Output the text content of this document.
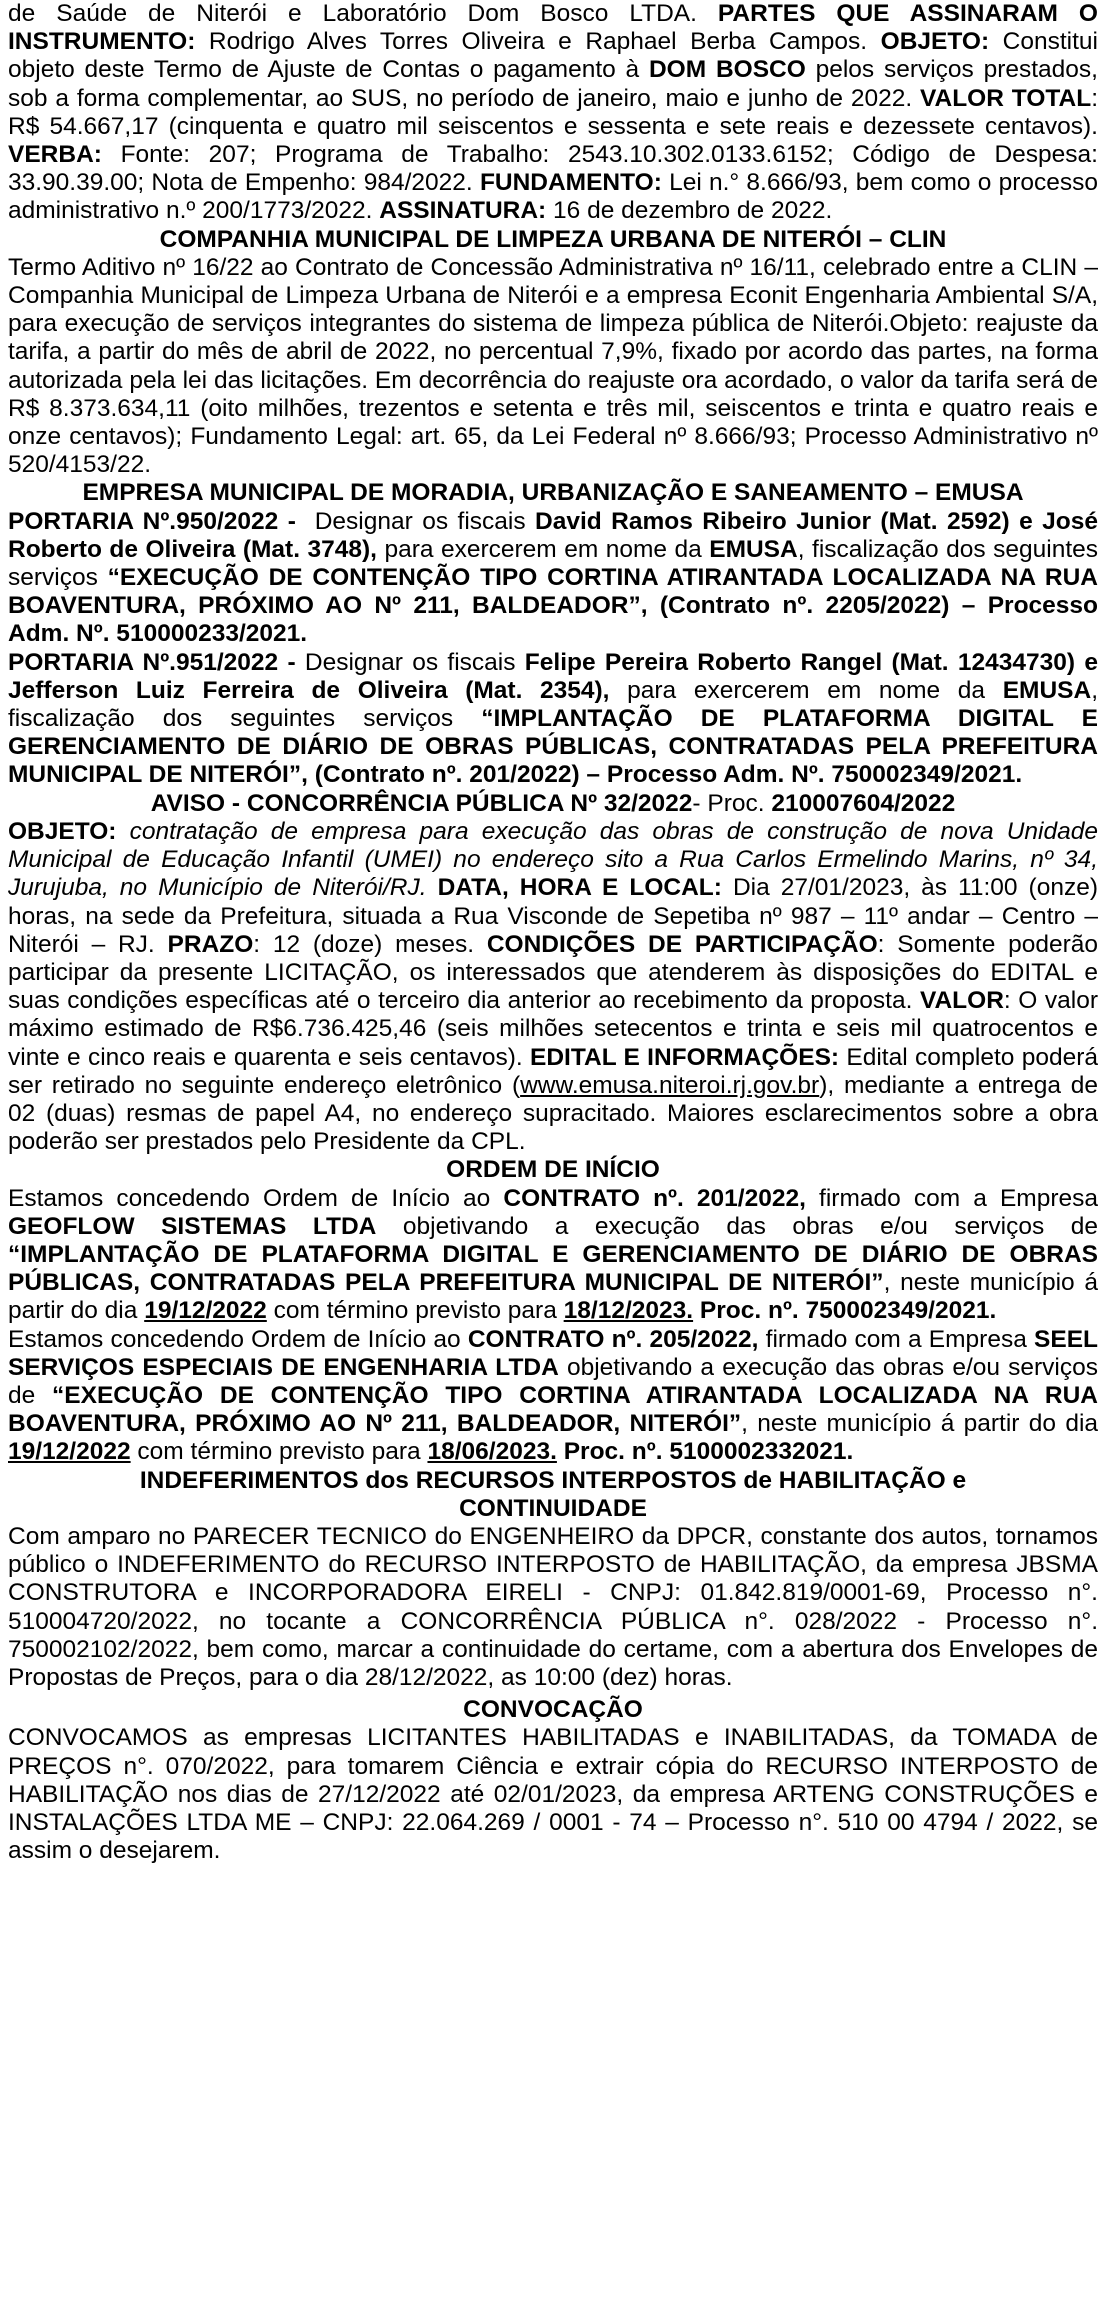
de Saúde de Niterói e Laboratório Dom Bosco LTDA. PARTES QUE ASSINARAM O INSTRUMENTO: Rodrigo Alves Torres Oliveira e Raphael Berba Campos. OBJETO: Constitui objeto deste Termo de Ajuste de Contas o pagamento à DOM BOSCO pelos serviços prestados, sob a forma complementar, ao SUS, no período de janeiro, maio e junho de 2022. VALOR TOTAL: R$ 54.667,17 (cinquenta e quatro mil seiscentos e sessenta e sete reais e dezessete centavos). VERBA: Fonte: 207; Programa de Trabalho: 2543.10.302.0133.6152; Código de Despesa: 33.90.39.00; Nota de Empenho: 984/2022. FUNDAMENTO: Lei n.° 8.666/93, bem como o processo administrativo n.º 200/1773/2022. ASSINATURA: 16 de dezembro de 2022.

COMPANHIA MUNICIPAL DE LIMPEZA URBANA DE NITERÓI – CLIN

Termo Aditivo nº 16/22 ao Contrato de Concessão Administrativa nº 16/11, celebrado entre a CLIN – Companhia Municipal de Limpeza Urbana de Niterói e a empresa Econit Engenharia Ambiental S/A, para execução de serviços integrantes do sistema de limpeza pública de Niterói.Objeto: reajuste da tarifa, a partir do mês de abril de 2022, no percentual 7,9%, fixado por acordo das partes, na forma autorizada pela lei das licitações. Em decorrência do reajuste ora acordado, o valor da tarifa será de R$ 8.373.634,11 (oito milhões, trezentos e setenta e três mil, seiscentos e trinta e quatro reais e onze centavos); Fundamento Legal: art. 65, da Lei Federal nº 8.666/93; Processo Administrativo nº 520/4153/22.

EMPRESA MUNICIPAL DE MORADIA, URBANIZAÇÃO E SANEAMENTO – EMUSA

PORTARIA Nº.950/2022 -  Designar os fiscais David Ramos Ribeiro Junior (Mat. 2592) e José Roberto de Oliveira (Mat. 3748), para exercerem em nome da EMUSA, fiscalização dos seguintes serviços “EXECUÇÃO DE CONTENÇÃO TIPO CORTINA ATIRANTADA LOCALIZADA NA RUA BOAVENTURA, PRÓXIMO AO Nº 211, BALDEADOR”, (Contrato nº. 2205/2022) – Processo Adm. Nº. 510000233/2021.

PORTARIA Nº.951/2022 - Designar os fiscais Felipe Pereira Roberto Rangel (Mat. 12434730) e Jefferson Luiz Ferreira de Oliveira (Mat. 2354), para exercerem em nome da EMUSA, fiscalização dos seguintes serviços “IMPLANTAÇÃO DE PLATAFORMA DIGITAL E GERENCIAMENTO DE DIÁRIO DE OBRAS PÚBLICAS, CONTRATADAS PELA PREFEITURA MUNICIPAL DE NITERÓI”, (Contrato nº. 201/2022) – Processo Adm. Nº. 750002349/2021.

AVISO - CONCORRÊNCIA PÚBLICA Nº 32/2022- Proc. 210007604/2022

OBJETO: contratação de empresa para execução das obras de construção de nova Unidade Municipal de Educação Infantil (UMEI) no endereço sito a Rua Carlos Ermelindo Marins, nº 34, Jurujuba, no Município de Niterói/RJ. DATA, HORA E LOCAL: Dia 27/01/2023, às 11:00 (onze) horas, na sede da Prefeitura, situada a Rua Visconde de Sepetiba nº 987 – 11º andar – Centro – Niterói – RJ. PRAZO: 12 (doze) meses. CONDIÇÕES DE PARTICIPAÇÃO: Somente poderão participar da presente LICITAÇÃO, os interessados que atenderem às disposições do EDITAL e suas condições específicas até o terceiro dia anterior ao recebimento da proposta. VALOR: O valor máximo estimado de R$6.736.425,46 (seis milhões setecentos e trinta e seis mil quatrocentos e vinte e cinco reais e quarenta e seis centavos). EDITAL E INFORMAÇÕES: Edital completo poderá ser retirado no seguinte endereço eletrônico (www.emusa.niteroi.rj.gov.br), mediante a entrega de 02 (duas) resmas de papel A4, no endereço supracitado. Maiores esclarecimentos sobre a obra poderão ser prestados pelo Presidente da CPL.

ORDEM DE INÍCIO

Estamos concedendo Ordem de Início ao CONTRATO nº. 201/2022, firmado com a Empresa GEOFLOW SISTEMAS LTDA objetivando a execução das obras e/ou serviços de “IMPLANTAÇÃO DE PLATAFORMA DIGITAL E GERENCIAMENTO DE DIÁRIO DE OBRAS PÚBLICAS, CONTRATADAS PELA PREFEITURA MUNICIPAL DE NITERÓI”, neste município á partir do dia 19/12/2022 com término previsto para 18/12/2023. Proc. nº. 750002349/2021.

Estamos concedendo Ordem de Início ao CONTRATO nº. 205/2022, firmado com a Empresa SEEL SERVIÇOS ESPECIAIS DE ENGENHARIA LTDA objetivando a execução das obras e/ou serviços de “EXECUÇÃO DE CONTENÇÃO TIPO CORTINA ATIRANTADA LOCALIZADA NA RUA BOAVENTURA, PRÓXIMO AO Nº 211, BALDEADOR, NITERÓI”, neste município á partir do dia 19/12/2022 com término previsto para 18/06/2023. Proc. nº. 5100002332021.

INDEFERIMENTOS dos RECURSOS INTERPOSTOS de HABILITAÇÃO e CONTINUIDADE

Com amparo no PARECER TECNICO do ENGENHEIRO da DPCR, constante dos autos, tornamos público o INDEFERIMENTO do RECURSO INTERPOSTO de HABILITAÇÃO, da empresa JBSMA CONSTRUTORA e INCORPORADORA EIRELI - CNPJ: 01.842.819/0001-69, Processo n°. 510004720/2022, no tocante a CONCORRÊNCIA PÚBLICA n°. 028/2022 - Processo n°. 750002102/2022, bem como, marcar a continuidade do certame, com a abertura dos Envelopes de Propostas de Preços, para o dia 28/12/2022, as 10:00 (dez) horas.

CONVOCAÇÃO

CONVOCAMOS as empresas LICITANTES HABILITADAS e INABILITADAS, da TOMADA de PREÇOS n°. 070/2022, para tomarem Ciência e extrair cópia do RECURSO INTERPOSTO de HABILITAÇÃO nos dias de 27/12/2022 até 02/01/2023, da empresa ARTENG CONSTRUÇÕES e INSTALAÇÕES LTDA ME – CNPJ: 22.064.269 / 0001 - 74 – Processo n°. 510 00 4794 / 2022, se assim o desejarem.
